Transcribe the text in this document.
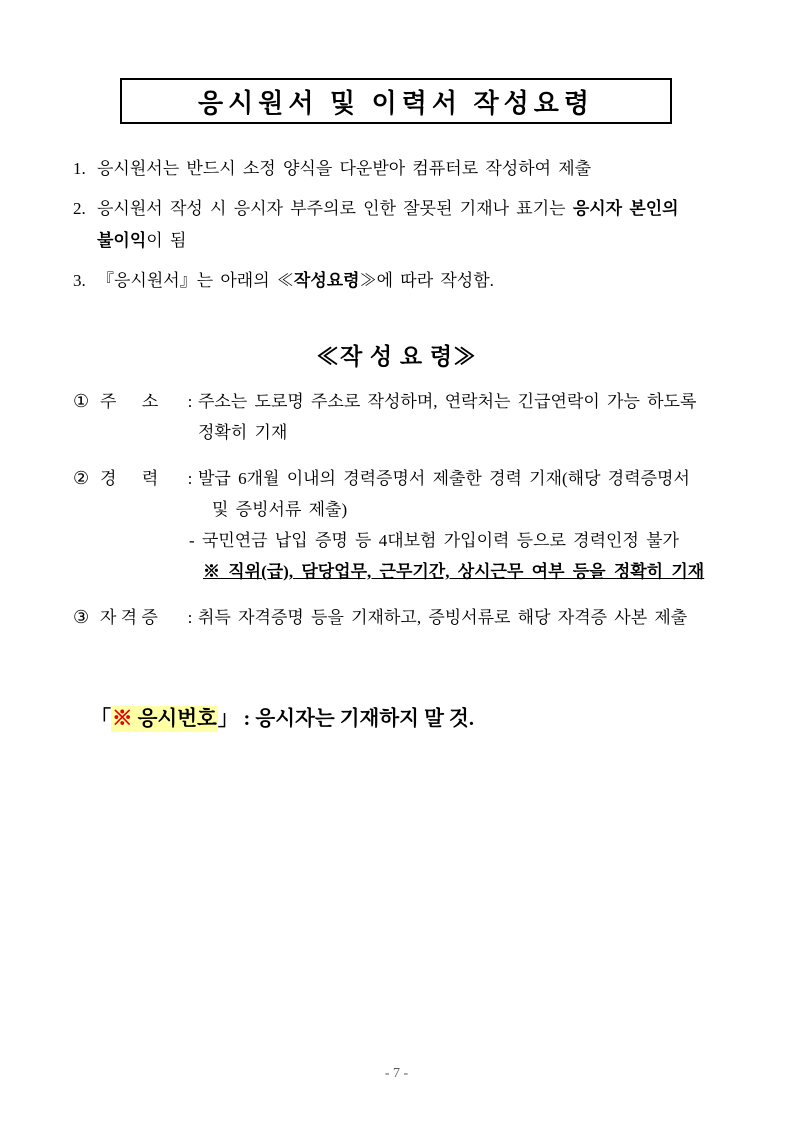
응시원서 및 이력서 작성요령
1. 응시원서는 반드시 소정 양식을 다운받아 컴퓨터로 작성하여 제출
2. 응시원서 작성 시 응시자 부주의로 인한 잘못된 기재나 표기는 응시자 본인의
불이익이 됨
3. 『응시원서』는 아래의 ≪작성요령≫에 따라 작성함.
≪작 성 요 령≫
① 주      소	: 주소는 도로명 주소로 작성하며, 연락처는 긴급연락이 가능 하도록
정확히 기재
② 경      력	: 발급 6개월 이내의 경력증명서 제출한 경력 기재(해당 경력증명서
및 증빙서류 제출)
- 국민연금 납입 증명 등 4대보험 가입이력 등으로 경력인정 불가
※ 직위(급), 담당업무, 근무기간, 상시근무 여부 등을 정확히 기재
③ 자 격 증	: 취득 자격증명 등을 기재하고, 증빙서류로 해당 자격증 사본 제출

「※ 응시번호」 : 응시자는 기재하지 말 것.

- 7 -
